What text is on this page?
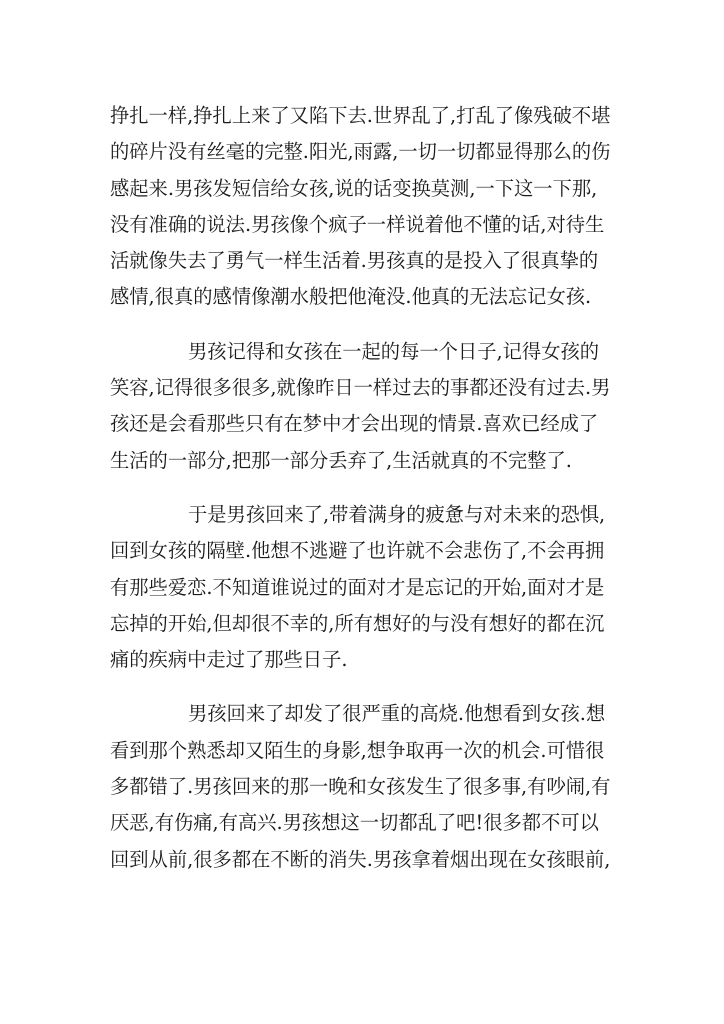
挣扎一样,挣扎上来了又陷下去.世界乱了,打乱了像残破不堪
的碎片没有丝毫的完整.阳光,雨露,一切一切都显得那么的伤
感起来.男孩发短信给女孩,说的话变换莫测,一下这一下那,
没有准确的说法.男孩像个疯子一样说着他不懂的话,对待生
活就像失去了勇气一样生活着.男孩真的是投入了很真挚的
感情,很真的感情像潮水般把他淹没.他真的无法忘记女孩.
男孩记得和女孩在一起的每一个日子,记得女孩的
笑容,记得很多很多,就像昨日一样过去的事都还没有过去.男
孩还是会看那些只有在梦中才会出现的情景.喜欢已经成了
生活的一部分,把那一部分丢弃了,生活就真的不完整了.
于是男孩回来了,带着满身的疲惫与对未来的恐惧,
回到女孩的隔壁.他想不逃避了也许就不会悲伤了,不会再拥
有那些爱恋.不知道谁说过的面对才是忘记的开始,面对才是
忘掉的开始,但却很不幸的,所有想好的与没有想好的都在沉
痛的疾病中走过了那些日子.
男孩回来了却发了很严重的高烧.他想看到女孩.想
看到那个熟悉却又陌生的身影,想争取再一次的机会.可惜很
多都错了.男孩回来的那一晚和女孩发生了很多事,有吵闹,有
厌恶,有伤痛,有高兴.男孩想这一切都乱了吧!很多都不可以
回到从前,很多都在不断的消失.男孩拿着烟出现在女孩眼前,
